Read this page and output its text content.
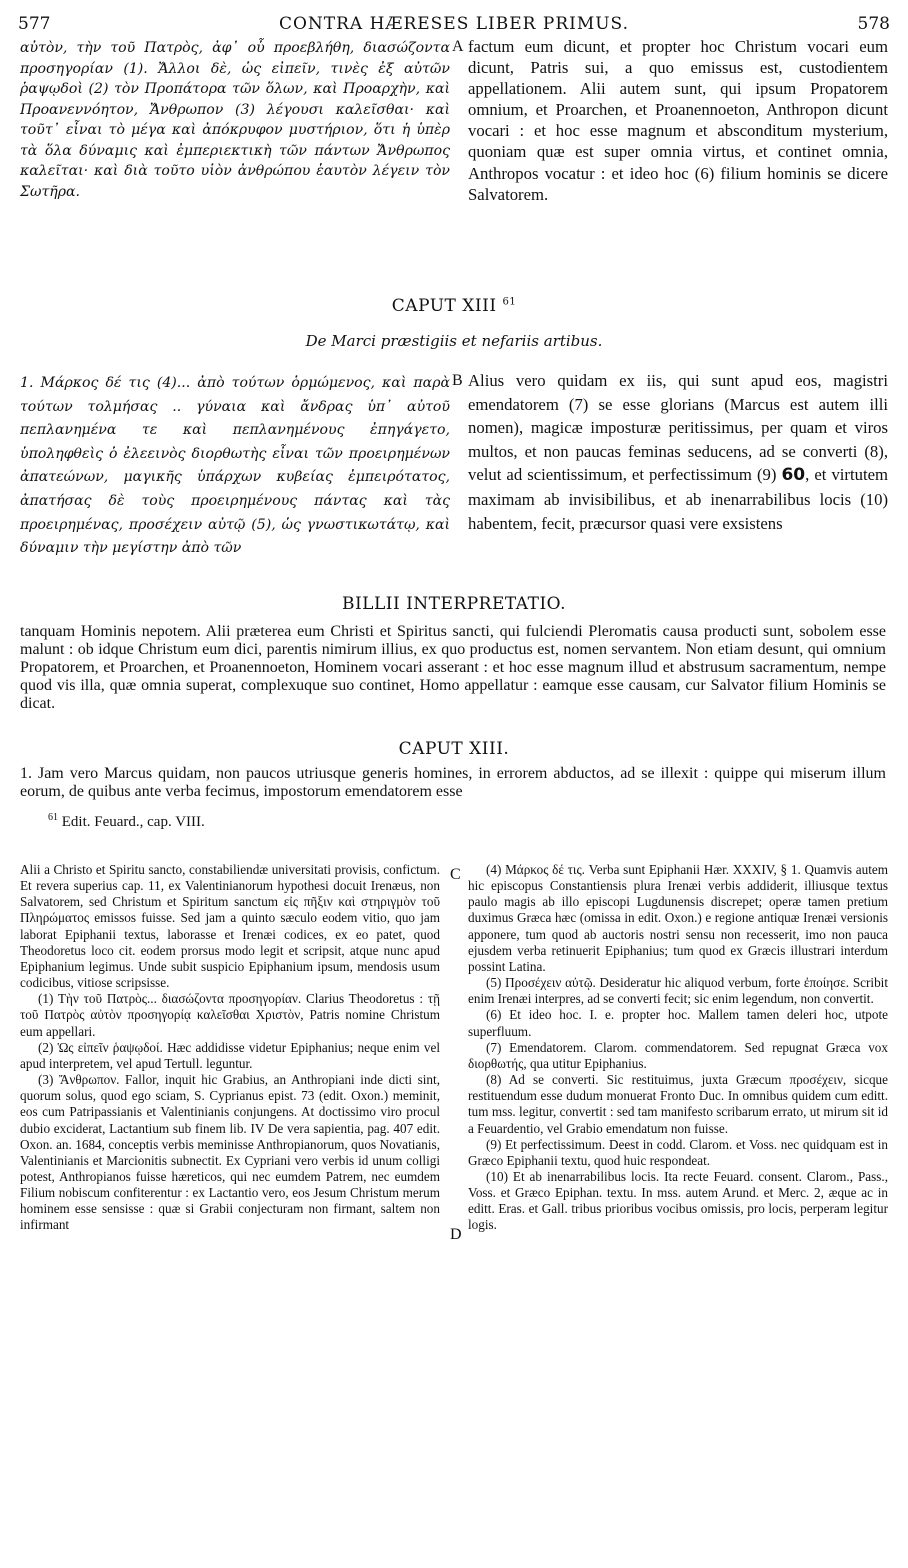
577	CONTRA HÆRESES LIBER PRIMUS.	578
αὐτὸν, τὴν τοῦ Πατρὸς, ἀφ᾽ οὗ προεβλήθη, διασώζοντα προσηγορίαν (1). Ἄλλοι δὲ, ὡς εἰπεῖν, τινὲς ἐξ αὐτῶν ῥαψῳδοὶ (2) τὸν Προπάτορα τῶν ὅλων, καὶ Προαρχὴν, καὶ Προανεννόητον, Ἄνθρωπον (3) λέγουσι καλεῖσθαι· καὶ τοῦτ᾽ εἶναι τὸ μέγα καὶ ἀπόκρυφον μυστήριον, ὅτι ἡ ὑπὲρ τὰ ὅλα δύναμις καὶ ἐμπεριεκτικὴ τῶν πάντων Ἄνθρωπος καλεῖται· καὶ διὰ τοῦτο υἱὸν ἀνθρώπου ἑαυτὸν λέγειν τὸν Σωτῆρα.
A factum eum dicunt, et propter hoc Christum vocari eum dicunt, Patris sui, a quo emissus est, custodientem appellationem. Alii autem sunt, qui ipsum Propatorem omnium, et Proarchen, et Proanennoeton, Anthropon dicunt vocari : et hoc esse magnum et absconditum mysterium, quoniam quæ est super omnia virtus, et continet omnia, Anthropos vocatur : et ideo hoc (6) filium hominis se dicere Salvatorem.
CAPUT XIII $^{61}$
De Marci præstigiis et nefariis artibus.
1. Μάρκος δέ τις (4)... ἀπὸ τούτων ὁρμώμενος, καὶ παρὰ τούτων τολμήσας .. γύναια καὶ ἄνδρας ὑπ᾽ αὐτοῦ πεπλανημένα τε καὶ πεπλανημένους ἐπηγάγετο, ὑποληφθεὶς ὁ ἐλεεινὸς διορθωτὴς εἶναι τῶν προειρημένων ἀπατεώνων, μαγικῆς ὑπάρχων κυβείας ἐμπειρότατος, ἀπατήσας δὲ τοὺς προειρημένους πάντας καὶ τὰς προειρημένας, προσέχειν αὐτῷ (5), ὡς γνωστικωτάτῳ, καὶ δύναμιν τὴν μεγίστην ἀπὸ τῶν
B Alius vero quidam ex iis, qui sunt apud eos, magistri emendatorem (7) se esse glorians (Marcus est autem illi nomen), magicæ imposturæ peritissimus, per quam et viros multos, et non paucas feminas seducens, ad se converti (8), velut ad scientissimum, et perfectissimum (9) 60, et virtutem maximam ab invisibilibus, et ab inenarrabilibus locis (10) habentem, fecit, præcursor quasi vere exsistens
BILLII INTERPRETATIO.
tanquam Hominis nepotem. Alii præterea eum Christi et Spiritus sancti, qui fulciendi Pleromatis causa producti sunt, sobolem esse malunt : ob idque Christum eum dici, parentis nimirum illius, ex quo productus est, nomen servantem. Non etiam desunt, qui omnium Propatorem, et Proarchen, et Proanennoeton, Hominem vocari asserant : et hoc esse magnum illud et abstrusum sacramentum, nempe quod vis illa, quæ omnia superat, complexuque suo continet, Homo appellatur : eamque esse causam, cur Salvator filium Hominis se dicat.
CAPUT XIII.
1. Jam vero Marcus quidam, non paucos utriusque generis homines, in errorem abductos, ad se illexit : quippe qui miserum illum eorum, de quibus ante verba fecimus, impostorum emendatorem esse
$^{61}$ Edit. Feuard., cap. VIII.

Alii a Christo et Spiritu sancto, constabiliendæ universitati provisis, confictum. Et revera superius cap. 11, ex Valentinianorum hypothesi docuit Irenæus, non Salvatorem, sed Christum et Spiritum sanctum εἰς πῆξιν καὶ στηριγμὸν τοῦ Πληρώματος emissos fuisse. Sed jam a quinto sæculo eodem vitio, quo jam laborat Epiphanii textus, laborasse et Irenæi codices, ex eo patet, quod Theodoretus loco cit. eodem prorsus modo legit et scripsit, atque nunc apud Epiphanium legimus. Unde subit suspicio Epiphanium ipsum, mendosis usum codicibus, vitiose scripsisse.

(1) Τὴν τοῦ Πατρὸς... διασώζοντα προσηγορίαν. Clarius Theodoretus : τῇ τοῦ Πατρὸς αὐτὸν προσηγορίᾳ καλεῖσθαι Χριστὸν, Patris nomine Christum eum appellari.

(2) Ὡς εἰπεῖν ῥαψῳδοί. Hæc addidisse videtur Epiphanius; neque enim vel apud interpretem, vel apud Tertull. leguntur.

(3) Ἄνθρωπον. Fallor, inquit hic Grabius, an Anthropiani inde dicti sint, quorum solus, quod ego sciam, S. Cyprianus epist. 73 (edit. Oxon.) meminit, eos cum Patripassianis et Valentinianis conjungens. At doctissimo viro procul dubio exciderat, Lactantium sub finem lib. IV De vera sapientia, pag. 407 edit. Oxon. an. 1684, conceptis verbis meminisse Anthropianorum, quos Novatianis, Valentinianis et Marcionitis subnectit. Ex Cypriani vero verbis id unum colligi potest, Anthropianos fuisse hæreticos, qui nec eumdem Patrem, nec eumdem Filium nobiscum confiterentur : ex Lactantio vero, eos Jesum Christum merum hominem esse sensisse : quæ si Grabii conjecturam non firmant, saltem non infirmant

C
D

(4) Μάρκος δέ τις. Verba sunt Epiphanii Hær. XXXIV, § 1. Quamvis autem hic episcopus Constantiensis plura Irenæi verbis addiderit, illiusque textus paulo magis ab illo episcopi Lugdunensis discrepet; operæ tamen pretium duximus Græca hæc (omissa in edit. Oxon.) e regione antiquæ Irenæi versionis apponere, tum quod ab auctoris nostri sensu non recesserit, imo non pauca ejusdem verba retinuerit Epiphanius; tum quod ex Græcis illustrari interdum possint Latina.

(5) Προσέχειν αὐτῷ. Desideratur hic aliquod verbum, forte ἐποίησε. Scribit enim Irenæi interpres, ad se converti fecit; sic enim legendum, non convertit.

(6) Et ideo hoc. I. e. propter hoc. Mallem tamen deleri hoc, utpote superfluum.

(7) Emendatorem. Clarom. commendatorem. Sed repugnat Græca vox διορθωτής, qua utitur Epiphanius.

(8) Ad se converti. Sic restituimus, juxta Græcum προσέχειν, sicque restituendum esse dudum monuerat Fronto Duc. In omnibus quidem cum editt. tum mss. legitur, convertit : sed tam manifesto scribarum errato, ut mirum sit id a Feuardentio, vel Grabio emendatum non fuisse.

(9) Et perfectissimum. Deest in codd. Clarom. et Voss. nec quidquam est in Græco Epiphanii textu, quod huic respondeat.

(10) Et ab inenarrabilibus locis. Ita recte Feuard. consent. Clarom., Pass., Voss. et Græco Epiphan. textu. In mss. autem Arund. et Merc. 2, æque ac in editt. Eras. et Gall. tribus prioribus vocibus omissis, pro locis, perperam legitur logis.
